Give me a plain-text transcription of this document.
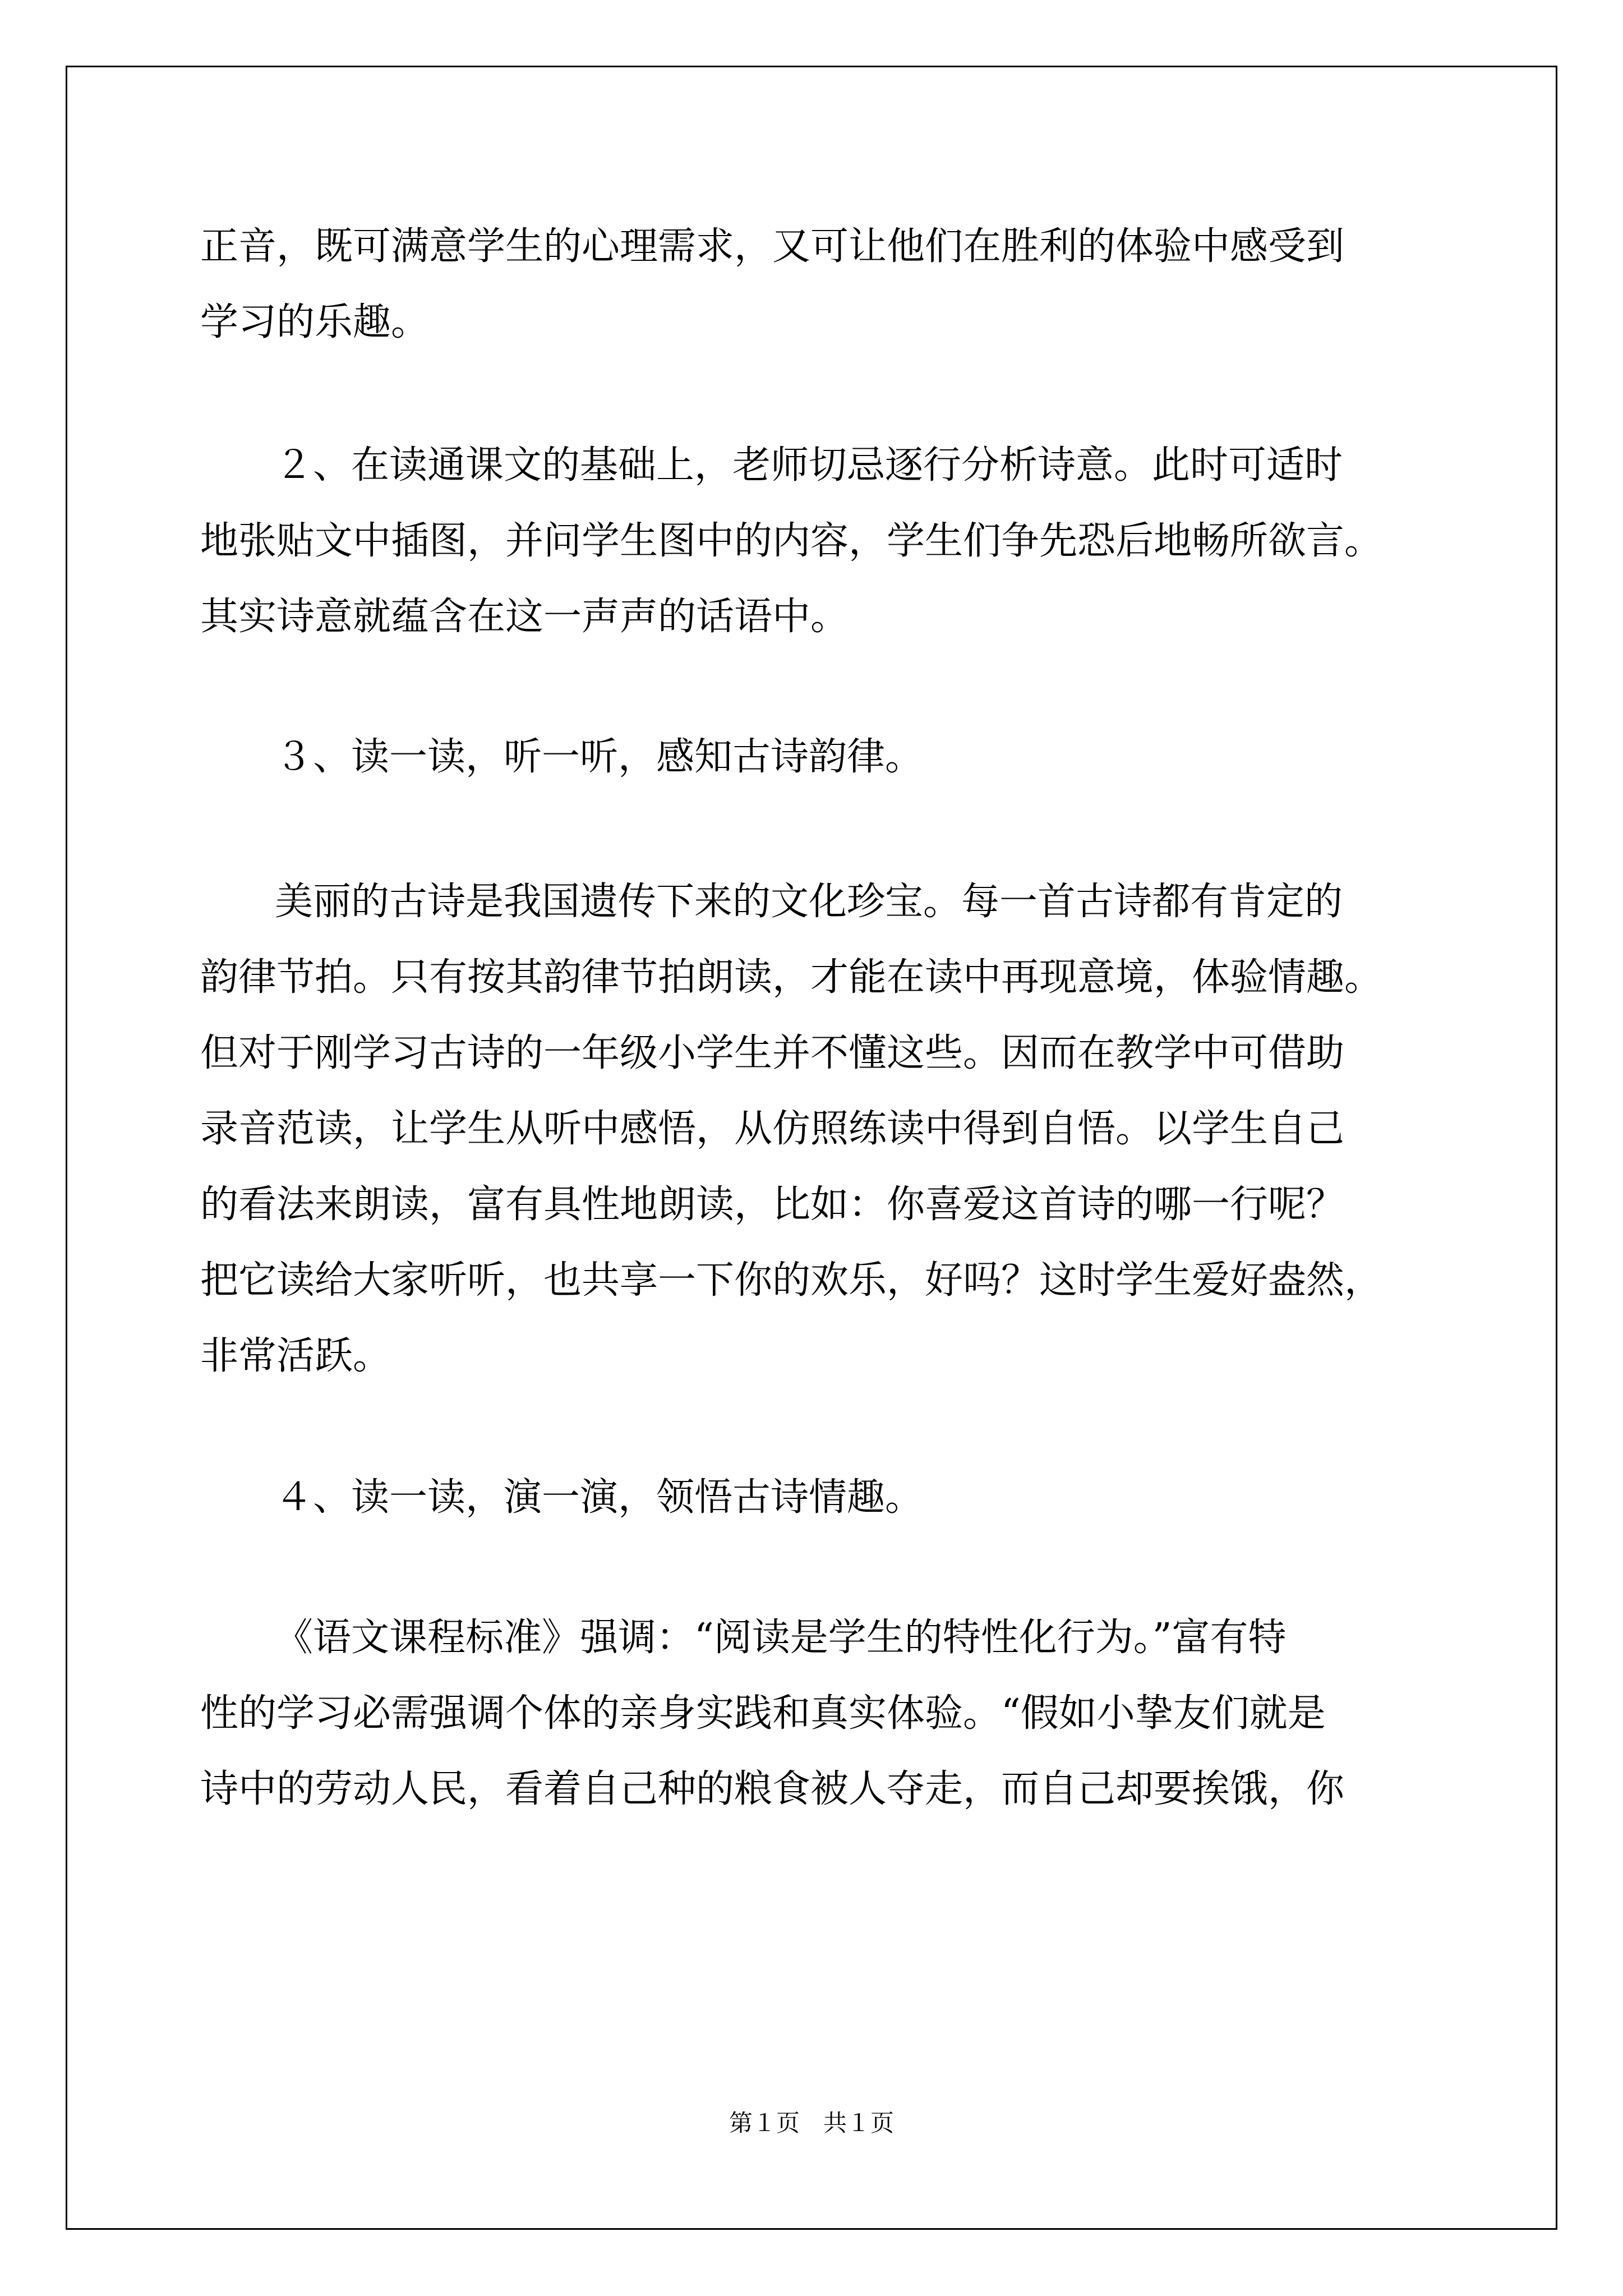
正音，既可满意学生的心理需求，又可让他们在胜利的体验中感受到
学习的乐趣。
２、在读通课文的基础上，老师切忌逐行分析诗意。此时可适时
地张贴文中插图，并问学生图中的内容，学生们争先恐后地畅所欲言。
其实诗意就蕴含在这一声声的话语中。
３、读一读，听一听，感知古诗韵律。
美丽的古诗是我国遗传下来的文化珍宝。每一首古诗都有肯定的
韵律节拍。只有按其韵律节拍朗读，才能在读中再现意境，体验情趣。
但对于刚学习古诗的一年级小学生并不懂这些。因而在教学中可借助
录音范读，让学生从听中感悟，从仿照练读中得到自悟。以学生自己
的看法来朗读，富有具性地朗读，比如：你喜爱这首诗的哪一行呢？
把它读给大家听听，也共享一下你的欢乐，好吗？这时学生爱好盎然，
非常活跃。
４、读一读，演一演，领悟古诗情趣。
《语文课程标准》强调：“阅读是学生的特性化行为。”富有特
性的学习必需强调个体的亲身实践和真实体验。“假如小挚友们就是
诗中的劳动人民，看着自己种的粮食被人夺走，而自己却要挨饿，你
第１页　共１页
